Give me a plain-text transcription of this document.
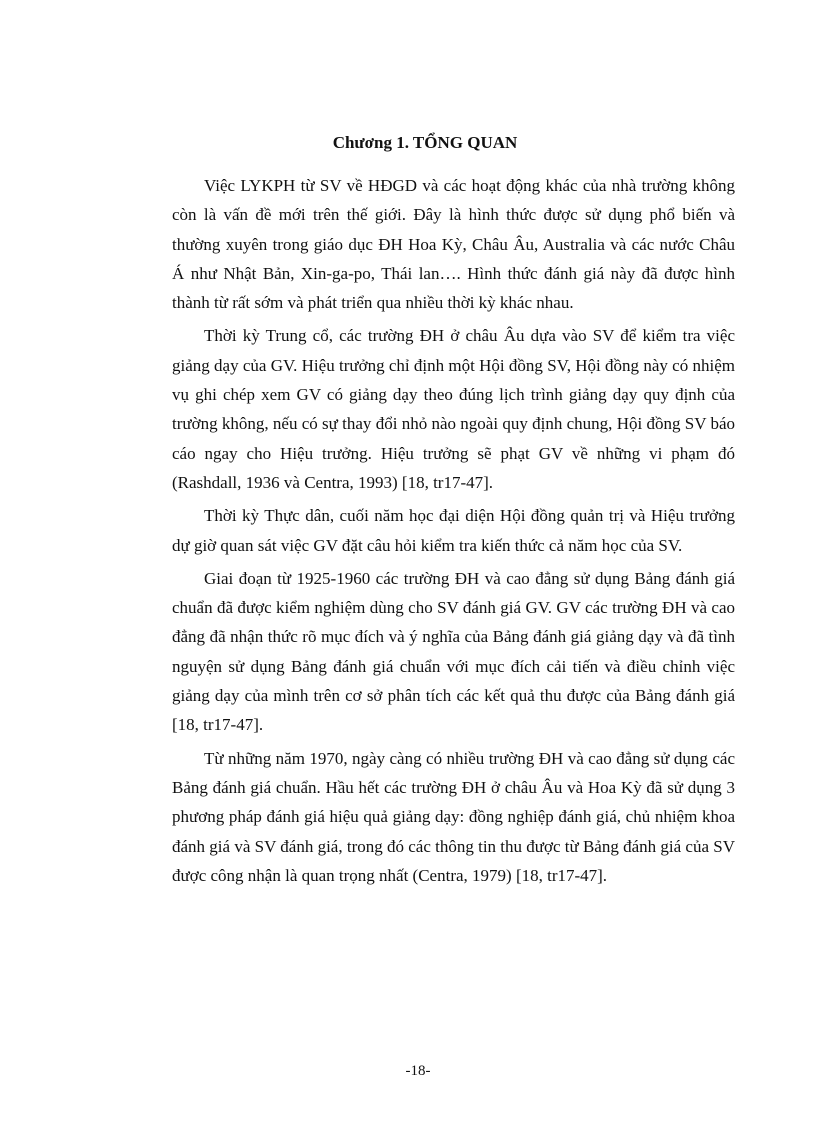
Chương 1. TỔNG QUAN

Việc LYKPH từ SV về HĐGD và các hoạt động khác của nhà trường không còn là vấn đề mới trên thế giới. Đây là hình thức được sử dụng phổ biến và thường xuyên trong giáo dục ĐH Hoa Kỳ, Châu Âu, Australia và các nước Châu Á như Nhật Bản, Xin-ga-po, Thái lan…. Hình thức đánh giá này đã được hình thành từ rất sớm và phát triển qua nhiều thời kỳ khác nhau.

Thời kỳ Trung cổ, các trường ĐH ở châu Âu dựa vào SV để kiểm tra việc giảng dạy của GV. Hiệu trưởng chỉ định một Hội đồng SV, Hội đồng này có nhiệm vụ ghi chép xem GV có giảng dạy theo đúng lịch trình giảng dạy quy định của trường không, nếu có sự thay đổi nhỏ nào ngoài quy định chung, Hội đồng SV báo cáo ngay cho Hiệu trưởng. Hiệu trưởng sẽ phạt GV về những vi phạm đó (Rashdall, 1936 và Centra, 1993) [18, tr17-47].

Thời kỳ Thực dân, cuối năm học đại diện Hội đồng quản trị và Hiệu trưởng dự giờ quan sát việc GV đặt câu hỏi kiểm tra kiến thức cả năm học của SV.

Giai đoạn từ 1925-1960 các trường ĐH và cao đẳng sử dụng Bảng đánh giá chuẩn đã được kiểm nghiệm dùng cho SV đánh giá GV. GV các trường ĐH và cao đẳng đã nhận thức rõ mục đích và ý nghĩa của Bảng đánh giá giảng dạy và đã tình nguyện sử dụng Bảng đánh giá chuẩn với mục đích cải tiến và điều chỉnh việc giảng dạy của mình trên cơ sở phân tích các kết quả thu được của Bảng đánh giá [18, tr17-47].

Từ những năm 1970, ngày càng có nhiều trường ĐH và cao đẳng sử dụng các Bảng đánh giá chuẩn. Hầu hết các trường ĐH ở châu Âu và Hoa Kỳ đã sử dụng 3 phương pháp đánh giá hiệu quả giảng dạy: đồng nghiệp đánh giá, chủ nhiệm khoa đánh giá và SV đánh giá, trong đó các thông tin thu được từ Bảng đánh giá của SV được công nhận là quan trọng nhất (Centra, 1979) [18, tr17-47].

-18-
